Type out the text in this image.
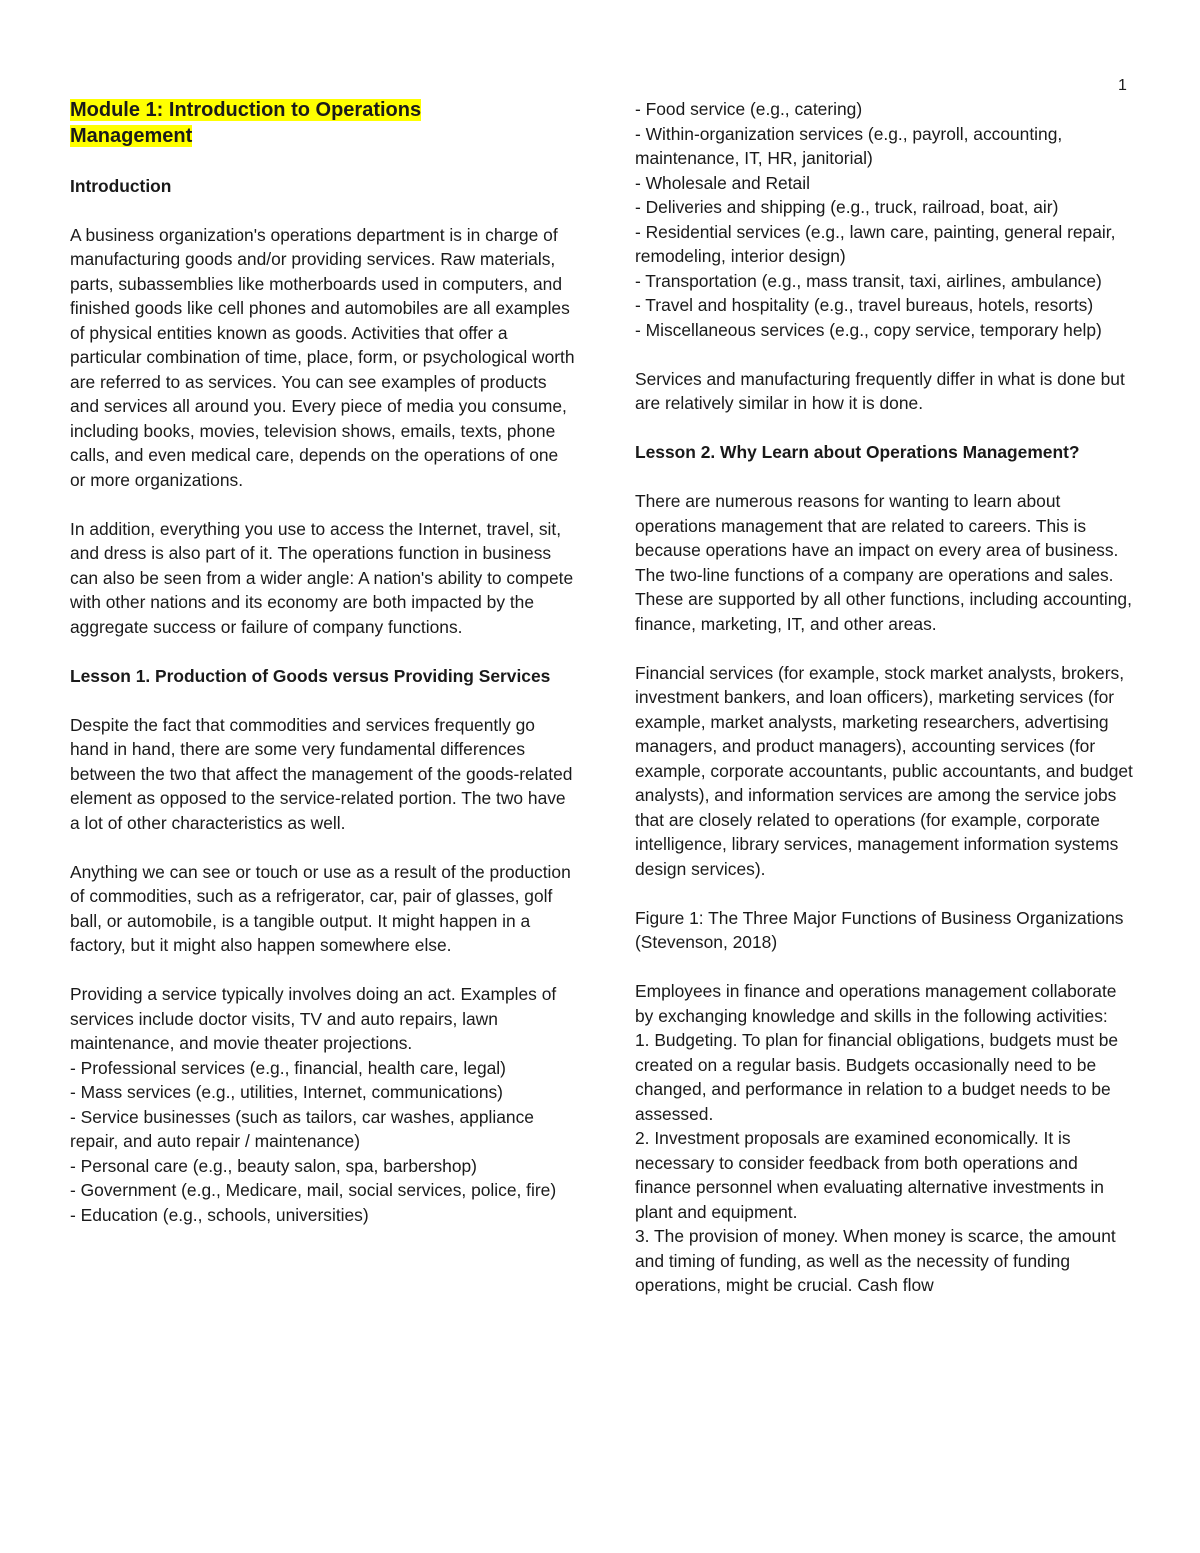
1

Module 1: Introduction to Operations
Management

Introduction

A business organization's operations department is in charge of manufacturing goods and/or providing services. Raw materials, parts, subassemblies like motherboards used in computers, and finished goods like cell phones and automobiles are all examples of physical entities known as goods. Activities that offer a particular combination of time, place, form, or psychological worth are referred to as services. You can see examples of products and services all around you. Every piece of media you consume, including books, movies, television shows, emails, texts, phone calls, and even medical care, depends on the operations of one or more organizations.

In addition, everything you use to access the Internet, travel, sit, and dress is also part of it. The operations function in business can also be seen from a wider angle: A nation's ability to compete with other nations and its economy are both impacted by the aggregate success or failure of company functions.

Lesson 1. Production of Goods versus Providing Services

Despite the fact that commodities and services frequently go hand in hand, there are some very fundamental differences between the two that affect the management of the goods-related element as opposed to the service-related portion. The two have a lot of other characteristics as well.

Anything we can see or touch or use as a result of the production of commodities, such as a refrigerator, car, pair of glasses, golf ball, or automobile, is a tangible output. It might happen in a factory, but it might also happen somewhere else.

Providing a service typically involves doing an act. Examples of services include doctor visits, TV and auto repairs, lawn maintenance, and movie theater projections.

- Professional services (e.g., financial, health care, legal)

- Mass services (e.g., utilities, Internet, communications)

- Service businesses (such as tailors, car washes, appliance repair, and auto repair / maintenance)

- Personal care (e.g., beauty salon, spa, barbershop)

- Government (e.g., Medicare, mail, social services, police, fire)

- Education (e.g., schools, universities)

- Food service (e.g., catering)

- Within-organization services (e.g., payroll, accounting, maintenance, IT, HR, janitorial)

- Wholesale and Retail

- Deliveries and shipping (e.g., truck, railroad, boat, air)

- Residential services (e.g., lawn care, painting, general repair, remodeling, interior design)

- Transportation (e.g., mass transit, taxi, airlines, ambulance)

- Travel and hospitality (e.g., travel bureaus, hotels, resorts)

- Miscellaneous services (e.g., copy service, temporary help)

Services and manufacturing frequently differ in what is done but are relatively similar in how it is done.

Lesson 2. Why Learn about Operations Management?

There are numerous reasons for wanting to learn about operations management that are related to careers. This is because operations have an impact on every area of business. The two-line functions of a company are operations and sales. These are supported by all other functions, including accounting, finance, marketing, IT, and other areas.

Financial services (for example, stock market analysts, brokers, investment bankers, and loan officers), marketing services (for example, market analysts, marketing researchers, advertising managers, and product managers), accounting services (for example, corporate accountants, public accountants, and budget analysts), and information services are among the service jobs that are closely related to operations (for example, corporate intelligence, library services, management information systems design services).

Figure 1: The Three Major Functions of Business Organizations

(Stevenson, 2018)

Employees in finance and operations management collaborate by exchanging knowledge and skills in the following activities:

1. Budgeting. To plan for financial obligations, budgets must be created on a regular basis. Budgets occasionally need to be changed, and performance in relation to a budget needs to be assessed.

2. Investment proposals are examined economically. It is necessary to consider feedback from both operations and finance personnel when evaluating alternative investments in plant and equipment.

3. The provision of money. When money is scarce, the amount and timing of funding, as well as the necessity of funding operations, might be crucial. Cash flow
